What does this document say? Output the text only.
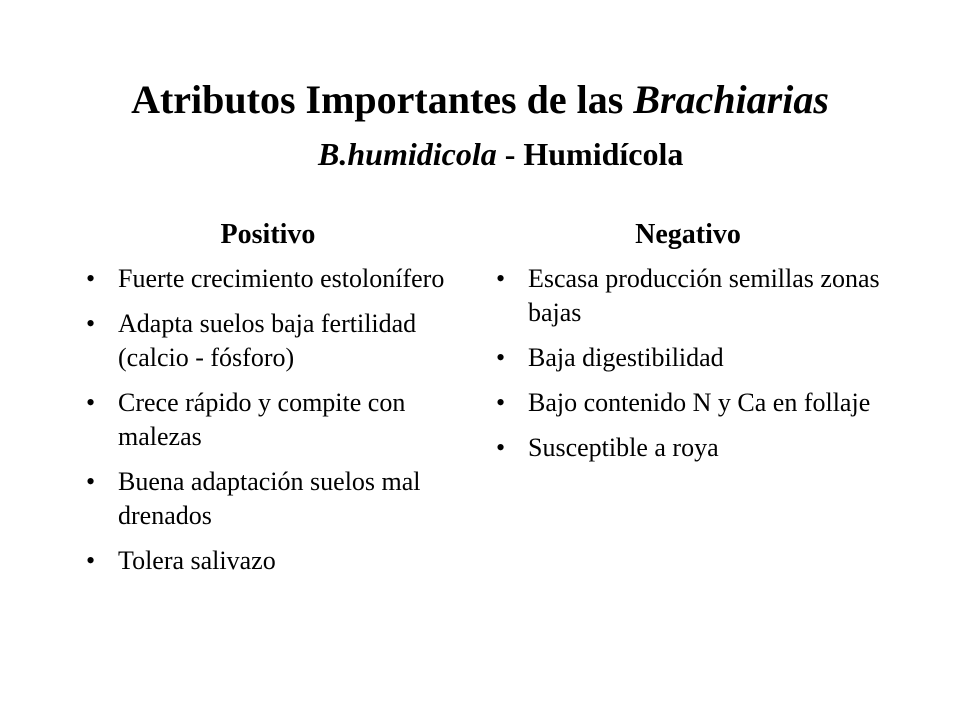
Atributos Importantes de las Brachiarias
B.humidicola - Humidícola
Positivo
• Fuerte crecimiento estolonífero
• Adapta suelos baja fertilidad (calcio - fósforo)
• Crece rápido y compite con malezas
• Buena adaptación suelos mal drenados
• Tolera salivazo
Negativo
• Escasa producción semillas zonas bajas
• Baja digestibilidad
• Bajo contenido N y Ca en follaje
• Susceptible a roya
